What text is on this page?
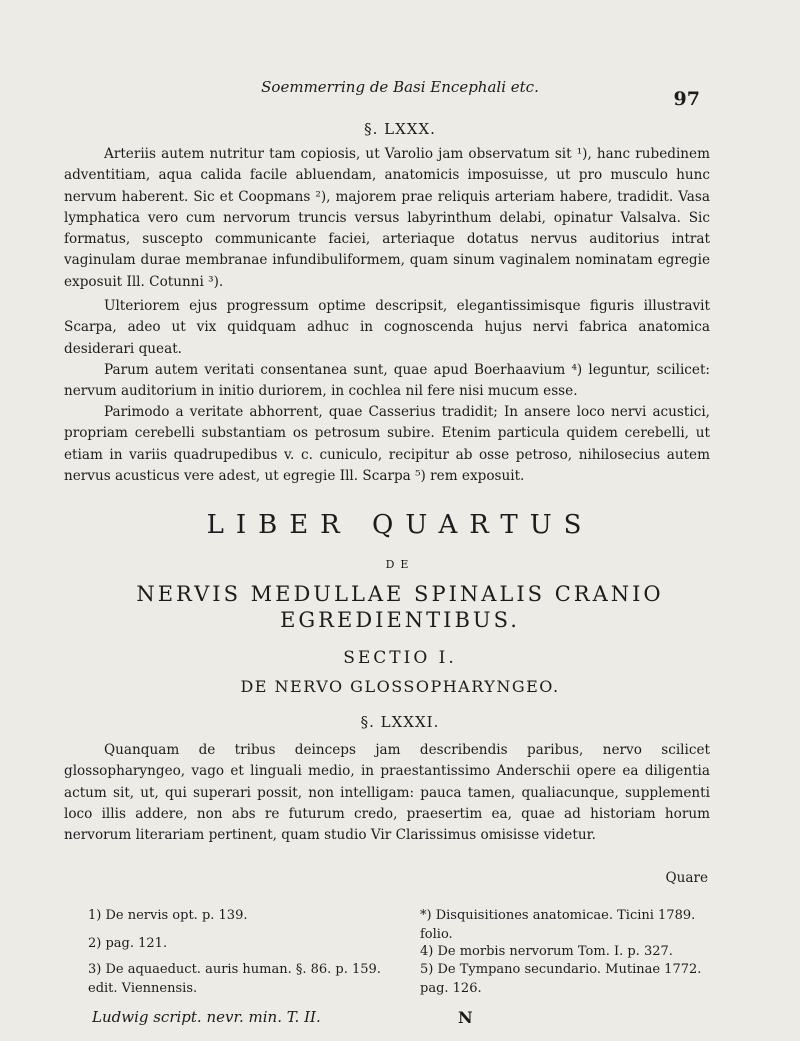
Soemmerring de Basi Encephali etc.
97
§. LXXX.
Arteriis autem nutritur tam copiosis, ut Varolio jam observatum sit ¹), hanc rubedinem adventitiam, aqua calida facile abluendam, anatomicis imposuisse, ut pro musculo hunc nervum haberent. Sic et Coopmans ²), majorem prae reliquis arteriam habere, tradidit. Vasa lymphatica vero cum nervorum truncis versus labyrinthum delabi, opinatur Valsalva. Sic formatus, suscepto communicante faciei, arteriaque dotatus nervus auditorius intrat vaginulam durae membranae infundibuliformem, quam sinum vaginalem nominatam egregie exposuit Ill. Cotunni ³).
Ulteriorem ejus progressum optime descripsit, elegantissimisque figuris illustravit Scarpa, adeo ut vix quidquam adhuc in cognoscenda hujus nervi fabrica anatomica desiderari queat.
Parum autem veritati consentanea sunt, quae apud Boerhaavium ⁴) leguntur, scilicet: nervum auditorium in initio duriorem, in cochlea nil fere nisi mucum esse.
Parimodo a veritate abhorrent, quae Casserius tradidit; In ansere loco nervi acustici, propriam cerebelli substantiam os petrosum subire. Etenim particula quidem cerebelli, ut etiam in variis quadrupedibus v. c. cuniculo, recipitur ab osse petroso, nihilosecius autem nervus acusticus vere adest, ut egregie Ill. Scarpa ⁵) rem exposuit.
LIBER QUARTUS
DE
NERVIS MEDULLAE SPINALIS CRANIO
EGREDIENTIBUS.
SECTIO I.
DE NERVO GLOSSOPHARYNGEO.
§. LXXXI.
Quanquam de tribus deinceps jam describendis paribus, nervo scilicet glossopharyngeo, vago et linguali medio, in praestantissimo Anderschii opere ea diligentia actum sit, ut, qui superari possit, non intelligam: pauca tamen, qualiacunque, supplementi loco illis addere, non abs re futurum credo, praesertim ea, quae ad historiam horum nervorum literariam pertinent, quam studio Vir Clarissimus omisisse videtur.
Quare
1) De nervis opt. p. 139.
2) pag. 121.
3) De aquaeduct. auris human. §. 86. p. 159. edit. Viennensis.
*) Disquisitiones anatomicae. Ticini 1789. folio.
4) De morbis nervorum Tom. I. p. 327.
5) De Tympano secundario. Mutinae 1772. pag. 126.
Ludwig script. nevr. min. T. II.	N
